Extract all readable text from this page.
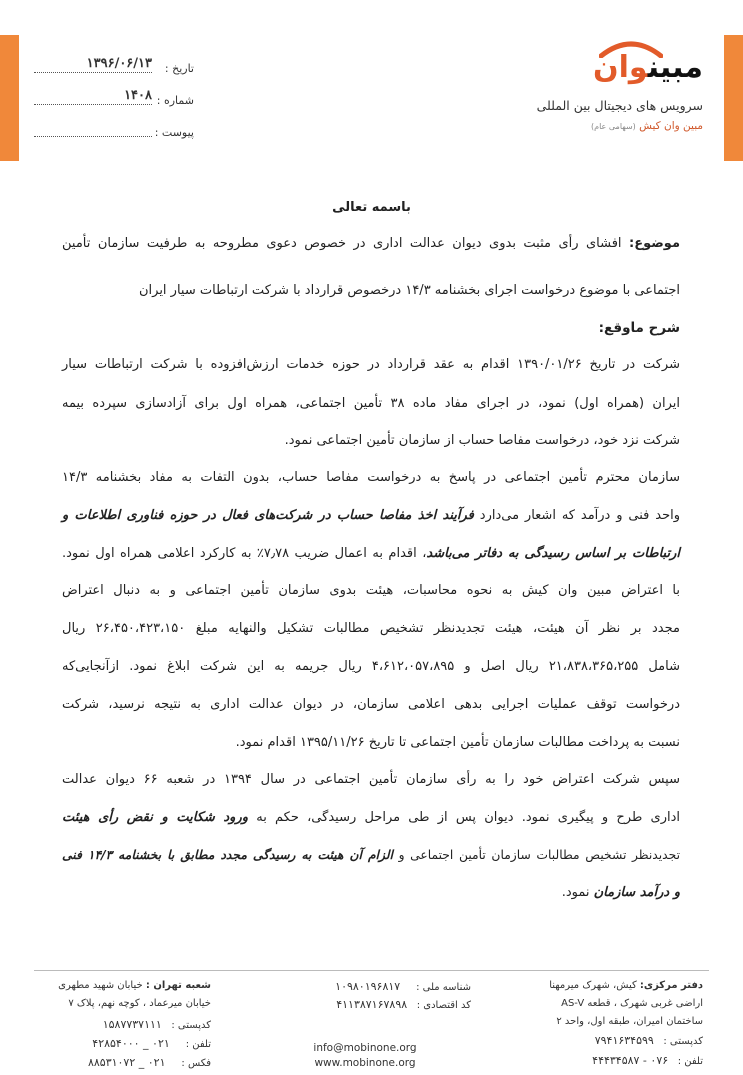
تاریخ :
۱۳۹۶/۰۶/۱۳
شماره :
۱۴۰۸
پیوست :
مبینوان
سرویس های دیجیتال بین المللی
مبین وان کیش (سهامی عام)
باسمه تعالی
موضوع: افشای رأی مثبت بدوی دیوان عدالت اداری در خصوص دعوی مطروحه به طرفیت سازمان تأمین
اجتماعی با موضوع درخواست اجرای بخشنامه ۱۴/۳ درخصوص قرارداد با شرکت ارتباطات سیار ایران
شرح ماوقع:
شرکت در تاریخ ۱۳۹۰/۰۱/۲۶ اقدام به عقد قرارداد در حوزه خدمات ارزش‌افزوده با شرکت ارتباطات سیار
ایران (همراه اول) نمود، در اجرای مفاد ماده ۳۸ تأمین اجتماعی، همراه اول برای آزادسازی سپرده بیمه
شرکت نزد خود، درخواست مفاصا حساب از سازمان تأمین اجتماعی نمود.
سازمان محترم تأمین اجتماعی در پاسخ به درخواست مفاصا حساب، بدون التفات به مفاد بخشنامه ۱۴/۳
واحد فنی و درآمد که اشعار می‌دارد فرآیند اخذ مفاصا حساب در شرکت‌های فعال در حوزه فناوری اطلاعات و
ارتباطات بر اساس رسیدگی به دفاتر می‌باشد، اقدام به اعمال ضریب ۷٫۷۸٪ به کارکرد اعلامی همراه اول نمود.
با اعتراض مبین وان کیش به نحوه محاسبات، هیئت بدوی سازمان تأمین اجتماعی و به دنبال اعتراض
مجدد بر نظر آن هیئت، هیئت تجدیدنظر تشخیص مطالبات تشکیل والنهایه مبلغ ۲۶،۴۵۰،۴۲۳،۱۵۰ ریال
شامل ۲۱،۸۳۸،۳۶۵،۲۵۵ ریال اصل و ۴،۶۱۲،۰۵۷،۸۹۵ ریال جریمه به این شرکت ابلاغ نمود. ازآنجایی‌که
درخواست توقف عملیات اجرایی بدهی اعلامی سازمان، در دیوان عدالت اداری به نتیجه نرسید، شرکت
نسبت به پرداخت مطالبات سازمان تأمین اجتماعی تا تاریخ ۱۳۹۵/۱۱/۲۶ اقدام نمود.
سپس شرکت اعتراض خود را به رأی سازمان تأمین اجتماعی در سال ۱۳۹۴ در شعبه ۶۶ دیوان عدالت
اداری طرح و پیگیری نمود. دیوان پس از طی مراحل رسیدگی، حکم به ورود شکایت و نقض رأی هیئت
تجدیدنظر تشخیص مطالبات سازمان تأمین اجتماعی و الزام آن هیئت به رسیدگی مجدد مطابق با بخشنامه ۱۴/۳ فنی
و درآمد سازمان نمود.
دفتر مرکزی: کیش، شهرک میرمهنا
اراضی غربی شهرک ، قطعه AS-V
ساختمان امیران، طبقه اول، واحد ۲
کدپستی :   ۷۹۴۱۶۳۴۵۹۹
تلفن :   ۰۷۶ - ۴۴۴۳۴۵۸۷
شناسه ملی :     ۱۰۹۸۰۱۹۶۸۱۷
کد اقتصادی :   ۴۱۱۳۸۷۱۶۷۸۹۸
info@mobinone.org
www.mobinone.org
شعبه تهران : خیابان شهید مطهری
خیابان میرعماد ، کوچه نهم، پلاک ۷
کدپستی :   ۱۵۸۷۷۳۷۱۱۱
تلفن :     ۰۲۱ _ ۴۲۸۵۴۰۰۰
فکس :     ۰۲۱ _ ۸۸۵۳۱۰۷۲
